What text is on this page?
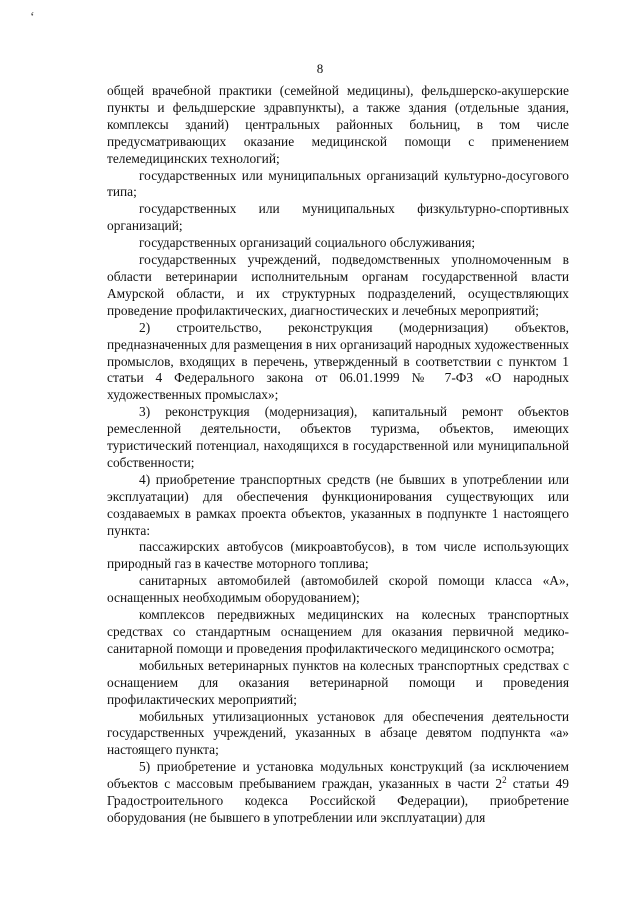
‘
8

общей врачебной практики (семейной медицины), фельдшерско-акушерские пункты и фельдшерские здравпункты), а также здания (отдельные здания, комплексы зданий) центральных районных больниц, в том числе предусматривающих оказание медицинской помощи с применением телемедицинских технологий;

государственных или муниципальных организаций культурно-досугового типа;

государственных или муниципальных физкультурно-спортивных организаций;

государственных организаций социального обслуживания;

государственных учреждений, подведомственных уполномоченным в области ветеринарии исполнительным органам государственной власти Амурской области, и их структурных подразделений, осуществляющих проведение профилактических, диагностических и лечебных мероприятий;

2) строительство, реконструкция (модернизация) объектов, предназначенных для размещения в них организаций народных художественных промыслов, входящих в перечень, утвержденный в соответствии с пунктом 1 статьи 4 Федерального закона от 06.01.1999 № 7-ФЗ «О народных художественных промыслах»;

3) реконструкция (модернизация), капитальный ремонт объектов ремесленной деятельности, объектов туризма, объектов, имеющих туристический потенциал, находящихся в государственной или муниципальной собственности;

4) приобретение транспортных средств (не бывших в употреблении или эксплуатации) для обеспечения функционирования существующих или создаваемых в рамках проекта объектов, указанных в подпункте 1 настоящего пункта:

пассажирских автобусов (микроавтобусов), в том числе использующих природный газ в качестве моторного топлива;

санитарных автомобилей (автомобилей скорой помощи класса «А», оснащенных необходимым оборудованием);

комплексов передвижных медицинских на колесных транспортных средствах со стандартным оснащением для оказания первичной медико-санитарной помощи и проведения профилактического медицинского осмотра;

мобильных ветеринарных пунктов на колесных транспортных средствах с оснащением для оказания ветеринарной помощи и проведения профилактических мероприятий;

мобильных утилизационных установок для обеспечения деятельности государственных учреждений, указанных в абзаце девятом подпункта «а» настоящего пункта;

5) приобретение и установка модульных конструкций (за исключением объектов с массовым пребыванием граждан, указанных в части $2^2$ статьи 49 Градостроительного кодекса Российской Федерации), приобретение оборудования (не бывшего в употреблении или эксплуатации) для
